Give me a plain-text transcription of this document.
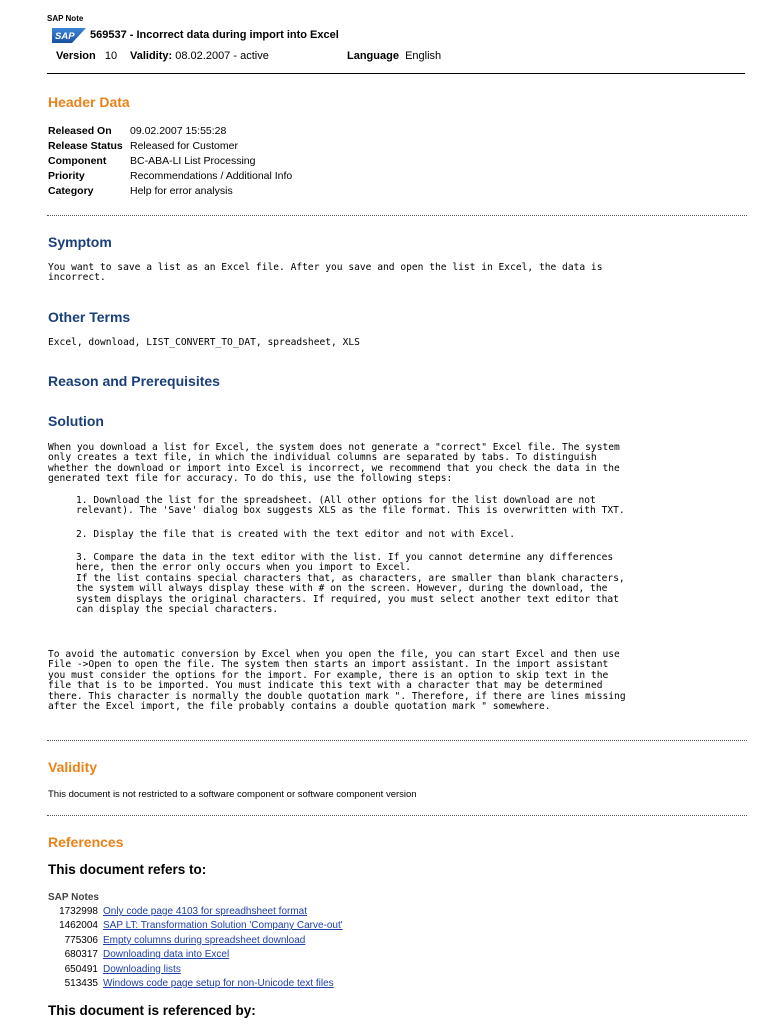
SAP Note
SAP 569537 - Incorrect data during import into Excel
Version 10 Validity: 08.02.2007 - active	Language English
Header Data
Released On 09.02.2007 15:55:28
Release Status Released for Customer
Component BC-ABA-LI List Processing
Priority	Recommendations / Additional Info
Category	Help for error analysis
Symptom
You want to save a list as an Excel file. After you save and open the list in Excel, the data is
incorrect.
Other Terms
Excel, download, LIST_CONVERT_TO_DAT, spreadsheet, XLS
Reason and Prerequisites
Solution
When you download a list for Excel, the system does not generate a "correct" Excel file. The system
only creates a text file, in which the individual columns are separated by tabs. To distinguish
whether the download or import into Excel is incorrect, we recommend that you check the data in the
generated text file for accuracy. To do this, use the following steps:
1. Download the list for the spreadsheet. (All other options for the list download are not
relevant). The 'Save' dialog box suggests XLS as the file format. This is overwritten with TXT.
2. Display the file that is created with the text editor and not with Excel.
3. Compare the data in the text editor with the list. If you cannot determine any differences
here, then the error only occurs when you import to Excel.
If the list contains special characters that, as characters, are smaller than blank characters,
the system will always display these with # on the screen. However, during the download, the
system displays the original characters. If required, you must select another text editor that
can display the special characters.
To avoid the automatic conversion by Excel when you open the file, you can start Excel and then use
File ->Open to open the file. The system then starts an import assistant. In the import assistant
you must consider the options for the import. For example, there is an option to skip text in the
file that is to be imported. You must indicate this text with a character that may be determined
there. This character is normally the double quotation mark ". Therefore, if there are lines missing
after the Excel import, the file probably contains a double quotation mark " somewhere.
Validity
This document is not restricted to a software component or software component version
References
This document refers to:
SAP Notes
1732998 Only code page 4103 for spreadhsheet format
1462004 SAP LT: Transformation Solution 'Company Carve-out'
775306 Empty columns during spreadsheet download
680317 Downloading data into Excel
650491 Downloading lists
513435 Windows code page setup for non-Unicode text files
This document is referenced by:
